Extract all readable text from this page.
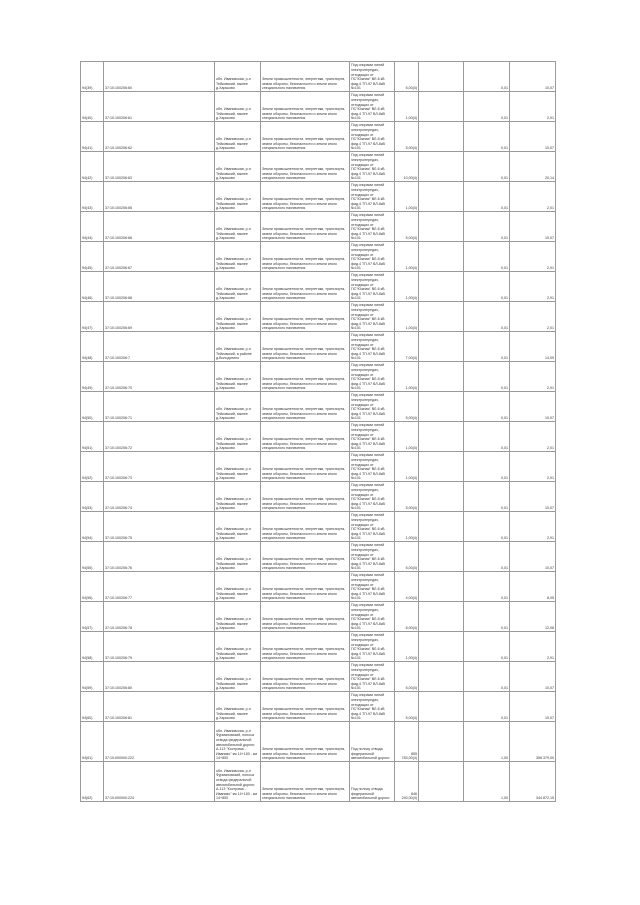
94(39)	37:10:100206:60	обл. Ивановская, р-н Тейковский, южнее д.Харьково	Земли промышленности, энергетики, транспорта, земли обороны, безопасности и земли иного специального назначения	Под опорами линий электропередач, отходящих от ПС"Южная" ВЛ-6 кВ фид.4 ТП-97 ВЛ-6кВ №101	5,00(4)		0,01	10,07
94(40)	37:10:100206:61	обл. Ивановская, р-н Тейковский, южнее д.Харьково	Земли промышленности, энергетики, транспорта, земли обороны, безопасности и земли иного специального назначения	Под опорами линий электропередач, отходящих от ПС"Южная" ВЛ-6 кВ фид.4 ТП-97 ВЛ-6кВ №101	1,00(4)		0,01	2,01
94(41)	37:10:100206:62	обл. Ивановская, р-н Тейковский, южнее д.Харьково	Земли промышленности, энергетики, транспорта, земли обороны, безопасности и земли иного специального назначения	Под опорами линий электропередач, отходящих от ПС"Южная" ВЛ-6 кВ фид.4 ТП-97 ВЛ-6кВ №101	5,00(4)		0,01	10,07
94(42)	37:10:100206:63	обл. Ивановская, р-н Тейковский, южнее д.Харьково	Земли промышленности, энергетики, транспорта, земли обороны, безопасности и земли иного специального назначения	Под опорами линий электропередач, отходящих от ПС"Южная" ВЛ-6 кВ фид.4 ТП-97 ВЛ-6кВ №101	10,00(4)		0,01	20,14
94(43)	37:10:100206:65	обл. Ивановская, р-н Тейковский, южнее д.Харьково	Земли промышленности, энергетики, транспорта, земли обороны, безопасности и земли иного специального назначения	Под опорами линий электропередач, отходящих от ПС"Южная" ВЛ-6 кВ фид.4 ТП-97 ВЛ-6кВ №101	1,00(4)		0,01	2,01
94(44)	37:10:100206:66	обл. Ивановская, р-н Тейковский, южнее д.Харьково	Земли промышленности, энергетики, транспорта, земли обороны, безопасности и земли иного специального назначения	Под опорами линий электропередач, отходящих от ПС"Южная" ВЛ-6 кВ фид.4 ТП-97 ВЛ-6кВ №101	5,00(4)		0,01	10,07
94(45)	37:10:100206:67	обл. Ивановская, р-н Тейковский, южнее д.Харьково	Земли промышленности, энергетики, транспорта, земли обороны, безопасности и земли иного специального назначения	Под опорами линий электропередач, отходящих от ПС"Южная" ВЛ-6 кВ фид.4 ТП-97 ВЛ-6кВ №101	1,00(4)		0,01	2,01
94(46)	37:10:100206:68	обл. Ивановская, р-н Тейковский, южнее д.Харьково	Земли промышленности, энергетики, транспорта, земли обороны, безопасности и земли иного специального назначения	Под опорами линий электропередач, отходящих от ПС"Южная" ВЛ-6 кВ фид.4 ТП-97 ВЛ-6кВ №101	1,00(4)		0,01	2,01
94(47)	37:10:100206:69	обл. Ивановская, р-н Тейковский, южнее д.Харьково	Земли промышленности, энергетики, транспорта, земли обороны, безопасности и земли иного специального назначения	Под опорами линий электропередач, отходящих от ПС"Южная" ВЛ-6 кВ фид.4 ТП-97 ВЛ-6кВ №101	1,00(4)		0,01	2,01
94(48)	37:10:100206:7	обл. Ивановская, р-н Тейковский, в районе д.Володятино	Земли промышленности, энергетики, транспорта, земли обороны, безопасности и земли иного специального назначения	Под опорами линий электропередач, отходящих от ПС"Южная" ВЛ-6 кВ фид.4 ТП-97 ВЛ-6кВ №101	7,00(4)		0,01	14,09
94(49)	37:10:100206:70	обл. Ивановская, р-н Тейковский, южнее д.Харьково	Земли промышленности, энергетики, транспорта, земли обороны, безопасности и земли иного специального назначения	Под опорами линий электропередач, отходящих от ПС"Южная" ВЛ-6 кВ фид.4 ТП-97 ВЛ-6кВ №101	1,00(4)		0,01	2,01
94(50)	37:10:100206:71	обл. Ивановская, р-н Тейковский, южнее д.Харьково	Земли промышленности, энергетики, транспорта, земли обороны, безопасности и земли иного специального назначения	Под опорами линий электропередач, отходящих от ПС"Южная" ВЛ-6 кВ фид.4 ТП-97 ВЛ-6кВ №101	5,00(4)		0,01	10,07
94(51)	37:10:100206:72	обл. Ивановская, р-н Тейковский, южнее д.Харьково	Земли промышленности, энергетики, транспорта, земли обороны, безопасности и земли иного специального назначения	Под опорами линий электропередач, отходящих от ПС"Южная" ВЛ-6 кВ фид.4 ТП-97 ВЛ-6кВ №101	1,00(4)		0,01	2,01
94(52)	37:10:100206:73	обл. Ивановская, р-н Тейковский, южнее д.Харьково	Земли промышленности, энергетики, транспорта, земли обороны, безопасности и земли иного специального назначения	Под опорами линий электропередач, отходящих от ПС"Южная" ВЛ-6 кВ фид.4 ТП-97 ВЛ-6кВ №101	1,00(4)		0,01	2,01
94(53)	37:10:100206:74	обл. Ивановская, р-н Тейковский, южнее д.Харьково	Земли промышленности, энергетики, транспорта, земли обороны, безопасности и земли иного специального назначения	Под опорами линий электропередач, отходящих от ПС"Южная" ВЛ-6 кВ фид.4 ТП-97 ВЛ-6кВ №101	5,00(4)		0,01	10,07
94(54)	37:10:100206:75	обл. Ивановская, р-н Тейковский, южнее д.Харьково	Земли промышленности, энергетики, транспорта, земли обороны, безопасности и земли иного специального назначения	Под опорами линий электропередач, отходящих от ПС"Южная" ВЛ-6 кВ фид.4 ТП-97 ВЛ-6кВ №101	1,00(4)		0,01	2,01
94(55)	37:10:100206:76	обл. Ивановская, р-н Тейковский, южнее д.Харьково	Земли промышленности, энергетики, транспорта, земли обороны, безопасности и земли иного специального назначения	Под опорами линий электропередач, отходящих от ПС"Южная" ВЛ-6 кВ фид.4 ТП-97 ВЛ-6кВ №101	5,00(4)		0,01	10,07
94(56)	37:10:100206:77	обл. Ивановская, р-н Тейковский, южнее д.Харьково	Земли промышленности, энергетики, транспорта, земли обороны, безопасности и земли иного специального назначения	Под опорами линий электропередач, отходящих от ПС"Южная" ВЛ-6 кВ фид.4 ТП-97 ВЛ-6кВ №101	4,00(4)		0,01	8,05
94(57)	37:10:100206:78	обл. Ивановская, р-н Тейковский, южнее д.Харьково	Земли промышленности, энергетики, транспорта, земли обороны, безопасности и земли иного специального назначения	Под опорами линий электропередач, отходящих от ПС"Южная" ВЛ-6 кВ фид.4 ТП-97 ВЛ-6кВ №101	6,00(4)		0,01	12,08
94(58)	37:10:100206:79	обл. Ивановская, р-н Тейковский, южнее д.Харьково	Земли промышленности, энергетики, транспорта, земли обороны, безопасности и земли иного специального назначения	Под опорами линий электропередач, отходящих от ПС"Южная" ВЛ-6 кВ фид.4 ТП-97 ВЛ-6кВ №101	1,00(4)		0,01	2,01
94(59)	37:10:100206:80	обл. Ивановская, р-н Тейковский, южнее д.Харьково	Земли промышленности, энергетики, транспорта, земли обороны, безопасности и земли иного специального назначения	Под опорами линий электропередач, отходящих от ПС"Южная" ВЛ-6 кВ фид.4 ТП-97 ВЛ-6кВ №101	5,00(4)		0,01	10,07
94(60)	37:10:100206:81	обл. Ивановская, р-н Тейковский, южнее д.Харьково	Земли промышленности, энергетики, транспорта, земли обороны, безопасности и земли иного специального назначения	Под опорами линий электропередач, отходящих от ПС"Южная" ВЛ-6 кВ фид.4 ТП-97 ВЛ-6кВ №101	5,00(4)		0,01	10,07
94(61)	37:10:000000:222	обл. Ивановская, р-н Фурмановский, полоса отвода федеральной автомобильной дороги А-113 "Кострома - Иваново" км 14+150 - км 14+850	Земли промышленности, энергетики, транспорта, земли обороны, безопасности и земли иного специального назначения	Под полосу отвода федеральной автомобильной дороги	855 783,00(4)		1,00	356 379,00
94(62)	37:10:000000:224	обл. Ивановская, р-н Фурмановский, полоса отвода федеральной автомобильной дороги А-113 "Кострома - Иваново" км 14+150 - км 14+850	Земли промышленности, энергетики, транспорта, земли обороны, безопасности и земли иного специального назначения	Под полосу отвода федеральной автомобильной дороги	846 240,00(4)		1,00	344 872,15
